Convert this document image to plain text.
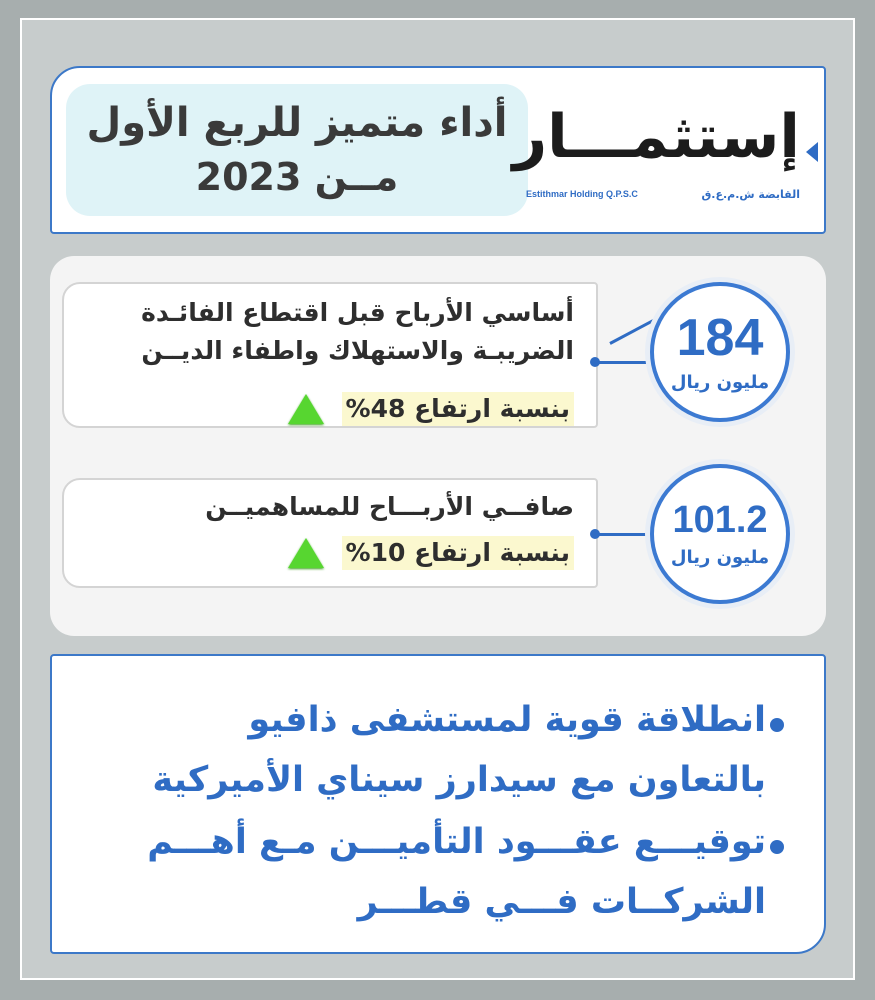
أداء متميز للربع الأول
مــن 2023
إستثمـــار
القابضة ش.م.ع.ق
Estithmar Holding Q.P.S.C
أساسي الأرباح قبل اقتطاع الفائـدة
الضريبـة والاستهلاك واطفاء الديــن
بنسبة ارتفاع 48%
184
مليون ريال
صافــي الأربـــاح للمساهميــن
بنسبة ارتفاع 10%
101.2
مليون ريال
انطلاقة قوية لمستشفى ذافيو بالتعاون مع سيدارز سيناي الأميركية
توقيـــع عقـــود التأميـــن مـع أهـــم الشركــات فـــي قطـــر
